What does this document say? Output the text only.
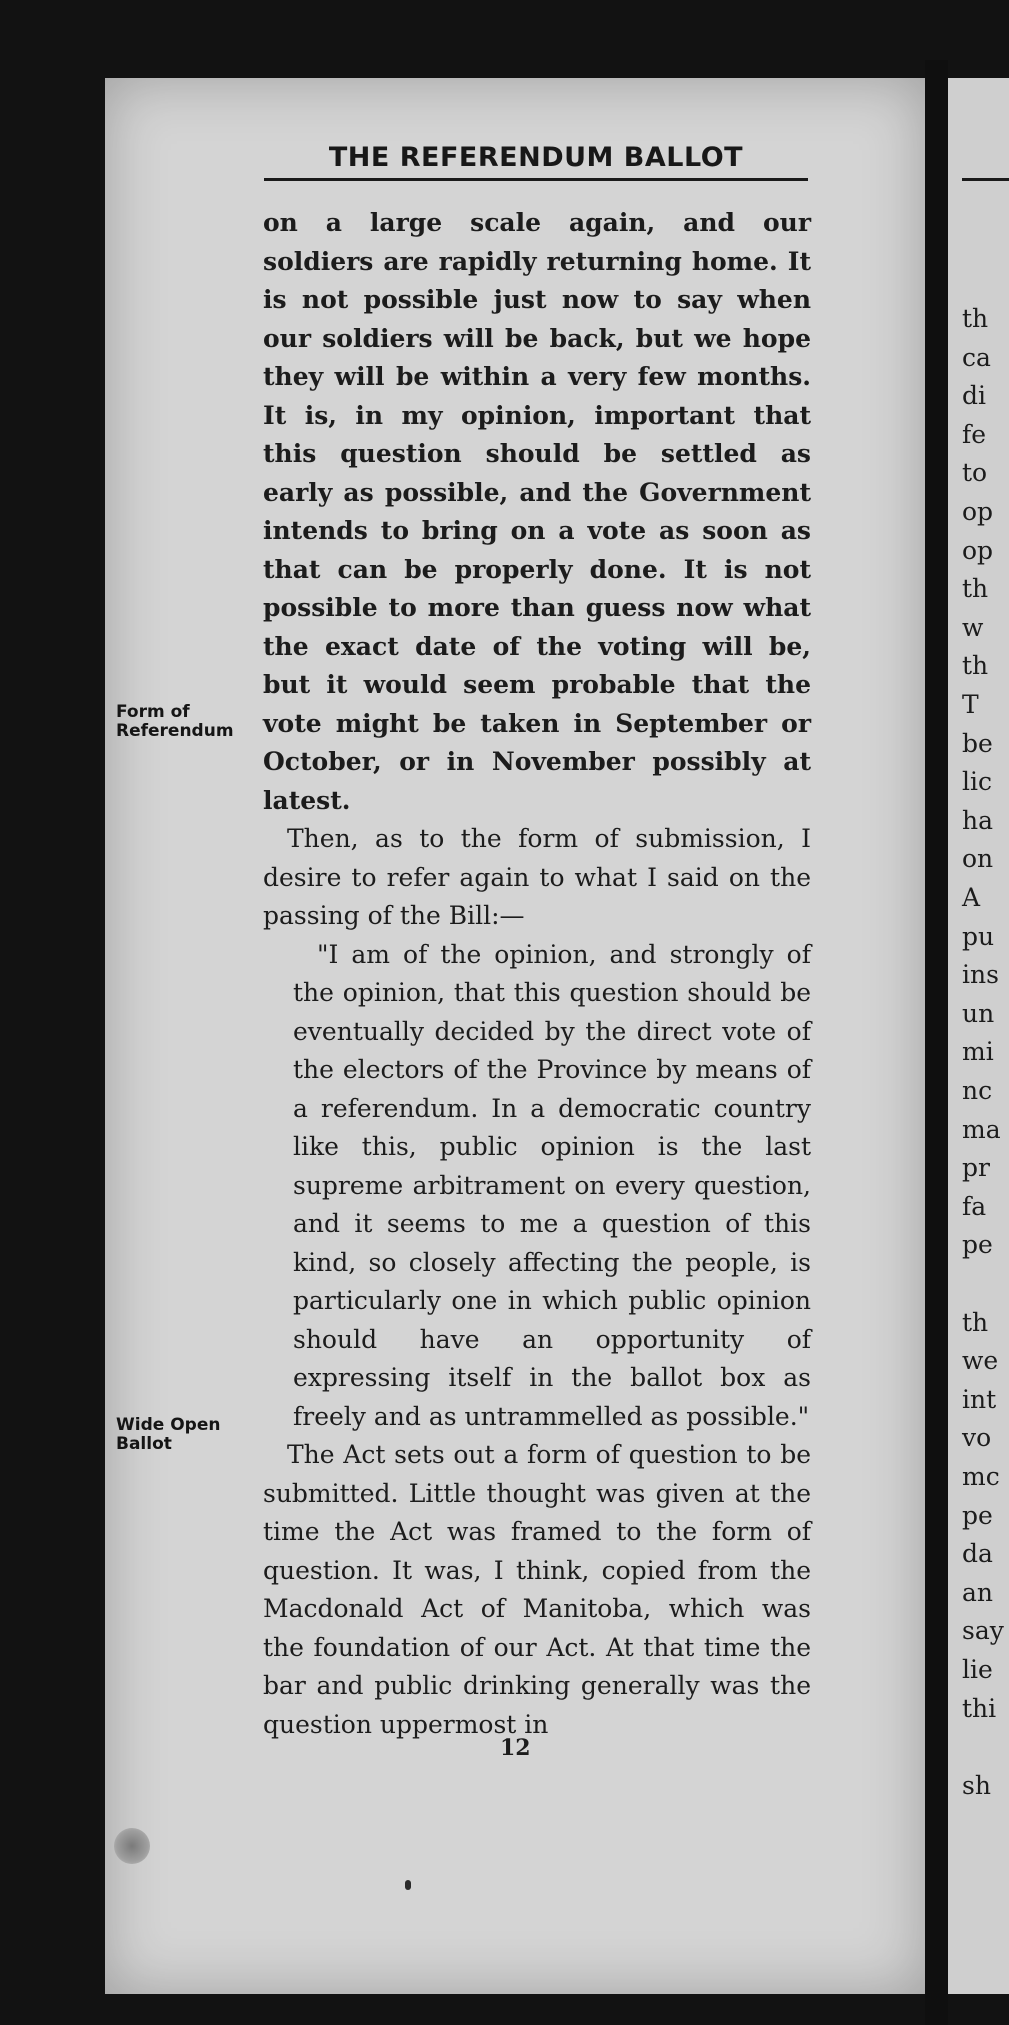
THE REFERENDUM BALLOT

on a large scale again, and our soldiers are rapidly returning home. It is not possible just now to say when our soldiers will be back, but we hope they will be within a very few months. It is, in my opinion, important that this question should be settled as early as possible, and the Government intends to bring on a vote as soon as that can be properly done. It is not possible to more than guess now what the exact date of the voting will be, but it would seem probable that the vote might be taken in September or October, or in November possibly at latest.

Then, as to the form of submission, I desire to refer again to what I said on the passing of the Bill:—

"I am of the opinion, and strongly of the opinion, that this question should be eventually decided by the direct vote of the electors of the Province by means of a referendum. In a democratic country like this, public opinion is the last supreme arbitrament on every question, and it seems to me a question of this kind, so closely affecting the people, is particularly one in which public opinion should have an opportunity of expressing itself in the ballot box as freely and as untrammelled as possible."

The Act sets out a form of question to be submitted. Little thought was given at the time the Act was framed to the form of question. It was, I think, copied from the Macdonald Act of Manitoba, which was the foundation of our Act. At that time the bar and public drinking generally was the question uppermost in

Form of
Referendum
Wide Open
Ballot
12
th
ca
di
fe
to
op
op
th
w
th
T
be
lic
ha
on
A
pu
ins
un
mi
nc
ma
pr
fa
pe
th
we
int
vo
mc
pe
da
an
say
lie
thi
sh
